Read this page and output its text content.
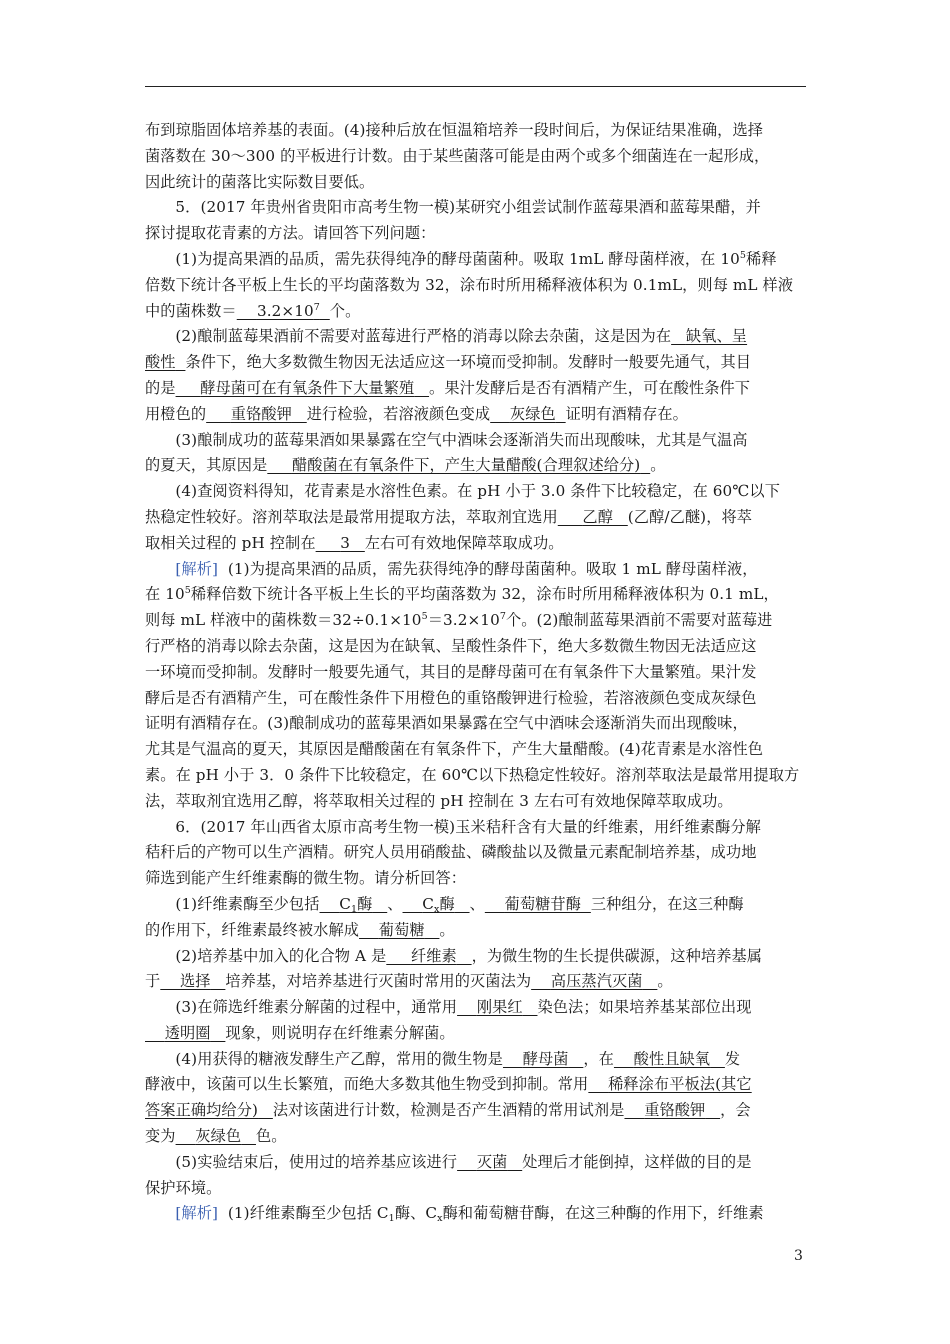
布到琼脂固体培养基的表面。(4)接种后放在恒温箱培养一段时间后，为保证结果准确，选择
菌落数在 30～300 的平板进行计数。由于某些菌落可能是由两个或多个细菌连在一起形成，
因此统计的菌落比实际数目要低。

5．(2017 年贵州省贵阳市高考生物一模)某研究小组尝试制作蓝莓果酒和蓝莓果醋，并
探讨提取花青素的方法。请回答下列问题：

(1)为提高果酒的品质，需先获得纯净的酵母菌菌种。吸取 1mL 酵母菌样液，在 $10^5$稀释
倍数下统计各平板上生长的平均菌落数为 32，涂布时所用稀释液体积为 0.1mL，则每 mL 样液
中的菌株数＝　 $3.2\times 10^7$ 个。

(2)酿制蓝莓果酒前不需要对蓝莓进行严格的消毒以除去杂菌，这是因为在 缺氧、呈
酸性 条件下，绝大多数微生物因无法适应这一环境而受抑制。发酵时一般要先通气，其目
的是 酵母菌可在有氧条件下大量繁殖 。果汁发酵后是否有酒精产生，可在酸性条件下
用橙色的 重铬酸钾 进行检验，若溶液颜色变成 灰绿色 证明有酒精存在。

(3)酿制成功的蓝莓果酒如果暴露在空气中酒味会逐渐消失而出现酸味，尤其是气温高
的夏天，其原因是 醋酸菌在有氧条件下，产生大量醋酸(合理叙述给分) 。

(4)查阅资料得知，花青素是水溶性色素。在 pH 小于 3.0 条件下比较稳定，在 60℃以下
热稳定性较好。溶剂萃取法是最常用提取方法，萃取剂宜选用 乙醇 (乙醇/乙醚)，将萃
取相关过程的 pH 控制在 3 左右可有效地保障萃取成功。

[解析] (1)为提高果酒的品质，需先获得纯净的酵母菌菌种。吸取 1 mL 酵母菌样液，
在 $10^5$稀释倍数下统计各平板上生长的平均菌落数为 32，涂布时所用稀释液体积为 0.1 mL，
则每 mL 样液中的菌株数$=32\div 0.1\times 10^5=3.2\times 10^7$个。(2)酿制蓝莓果酒前不需要对蓝莓进
行严格的消毒以除去杂菌，这是因为在缺氧、呈酸性条件下，绝大多数微生物因无法适应这
一环境而受抑制。发酵时一般要先通气，其目的是酵母菌可在有氧条件下大量繁殖。果汁发
酵后是否有酒精产生，可在酸性条件下用橙色的重铬酸钾进行检验，若溶液颜色变成灰绿色
证明有酒精存在。(3)酿制成功的蓝莓果酒如果暴露在空气中酒味会逐渐消失而出现酸味，
尤其是气温高的夏天，其原因是醋酸菌在有氧条件下，产生大量醋酸。(4)花青素是水溶性色
素。在 pH 小于 3．0 条件下比较稳定，在 60℃以下热稳定性较好。溶剂萃取法是最常用提取方
法，萃取剂宜选用乙醇，将萃取相关过程的 pH 控制在 3 左右可有效地保障萃取成功。

6．(2017 年山西省太原市高考生物一模)玉米秸秆含有大量的纤维素，用纤维素酶分解
秸秆后的产物可以生产酒精。研究人员用硝酸盐、磷酸盐以及微量元素配制培养基，成功地
筛选到能产生纤维素酶的微生物。请分析回答：

(1)纤维素酶至少包括 $C_1$酶 、 $C_x$酶 、 葡萄糖苷酶 三种组分，在这三种酶
的作用下，纤维素最终被水解成 葡萄糖 。

(2)培养基中加入的化合物 A 是 纤维素 ，为微生物的生长提供碳源，这种培养基属
于 选择 培养基，对培养基进行灭菌时常用的灭菌法为 高压蒸汽灭菌 。

(3)在筛选纤维素分解菌的过程中，通常用 刚果红 染色法；如果培养基某部位出现
透明圈 现象，则说明存在纤维素分解菌。

(4)用获得的糖液发酵生产乙醇，常用的微生物是 酵母菌 ，在 酸性且缺氧 发
酵液中，该菌可以生长繁殖，而绝大多数其他生物受到抑制。常用 稀释涂布平板法(其它
答案正确均给分) 法对该菌进行计数，检测是否产生酒精的常用试剂是 重铬酸钾 ，会
变为 灰绿色 色。

(5)实验结束后，使用过的培养基应该进行 灭菌 处理后才能倒掉，这样做的目的是
保护环境。

[解析] (1)纤维素酶至少包括 $C_1$酶、$C_x$酶和葡萄糖苷酶，在这三种酶的作用下，纤维素

3
